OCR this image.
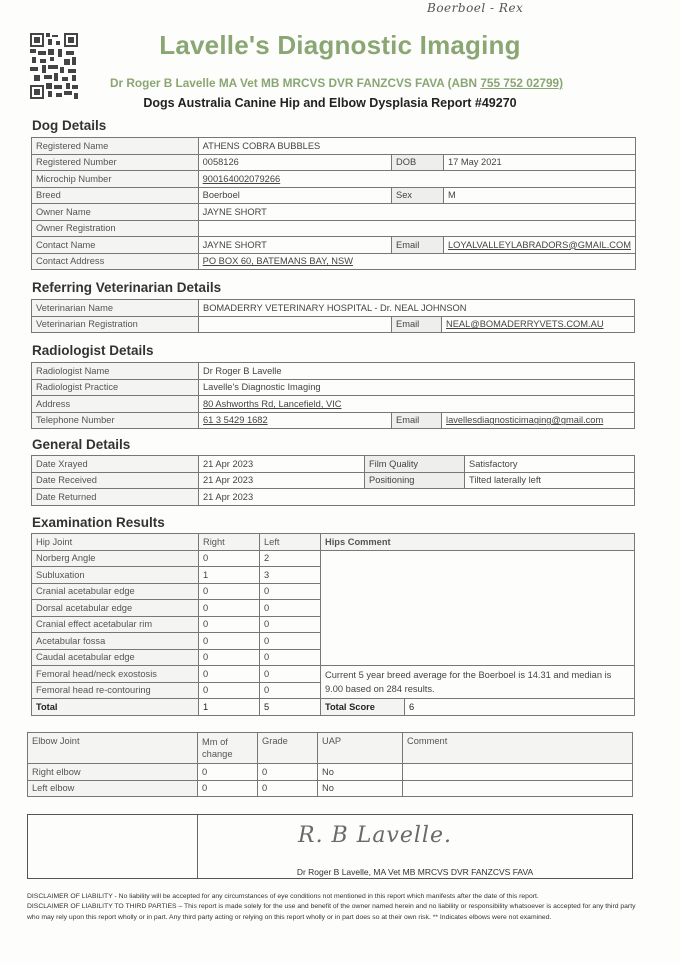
Boerboel - Rex
Lavelle's Diagnostic Imaging
Dr Roger B Lavelle MA Vet MB MRCVS DVR FANZCVS FAVA (ABN 755 752 02799)
Dogs Australia Canine Hip and Elbow Dysplasia Report #49270
Dog Details
Registered Name	ATHENS COBRA BUBBLES		
Registered Number	0058126	DOB	17 May 2021
Microchip Number	900164002079266		
Breed	Boerboel	Sex	M
Owner Name	JAYNE SHORT		
Owner Registration			
Contact Name	JAYNE SHORT	Email	LOYALVALLEYLABRADORS@GMAIL.COM
Contact Address	PO BOX 60, BATEMANS BAY, NSW		
Referring Veterinarian Details
Veterinarian Name	BOMADERRY VETERINARY HOSPITAL - Dr. NEAL JOHNSON		
Veterinarian Registration		Email	NEAL@BOMADERRYVETS.COM.AU
Radiologist Details
Radiologist Name	Dr Roger B Lavelle		
Radiologist Practice	Lavelle's Diagnostic Imaging		
Address	80 Ashworths Rd, Lancefield, VIC		
Telephone Number	61 3 5429 1682	Email	lavellesdiagnosticimaging@gmail.com
General Details
Date Xrayed	21 Apr 2023	Film Quality	Satisfactory
Date Received	21 Apr 2023	Positioning	Tilted laterally left
Date Returned	21 Apr 2023		
Examination Results
Hip Joint	Right	Left	Hips Comment	
Norberg Angle	0	2		
Subluxation	1	3		
Cranial acetabular edge	0	0		
Dorsal acetabular edge	0	0		
Cranial effect acetabular rim	0	0		
Acetabular fossa	0	0		
Caudal acetabular edge	0	0		
Femoral head/neck exostosis	0	0	Current 5 year breed average for the Boerboel is 14.31 and median is 9.00 based on 284 results.	
Femoral head re-contouring	0	0		
Total	1	5	Total Score	6
Elbow Joint	Mm of change	Grade	UAP	Comment
Right elbow	0	0	No	
Left elbow	0	0	No	
R. B Lavelle.
Dr Roger B Lavelle, MA Vet MB MRCVS DVR FANZCVS FAVA
DISCLAIMER OF LIABILITY - No liability will be accepted for any circumstances of eye conditions not mentioned in this report which manifests after the date of this report.
DISCLAIMER OF LIABILITY TO THIRD PARTIES – This report is made solely for the use and benefit of the owner named herein and no liability or responsibility whatsoever is accepted for any third party who may rely upon this report wholly or in part. Any third party acting or relying on this report wholly or in part does so at their own risk. ** Indicates elbows were not examined.
